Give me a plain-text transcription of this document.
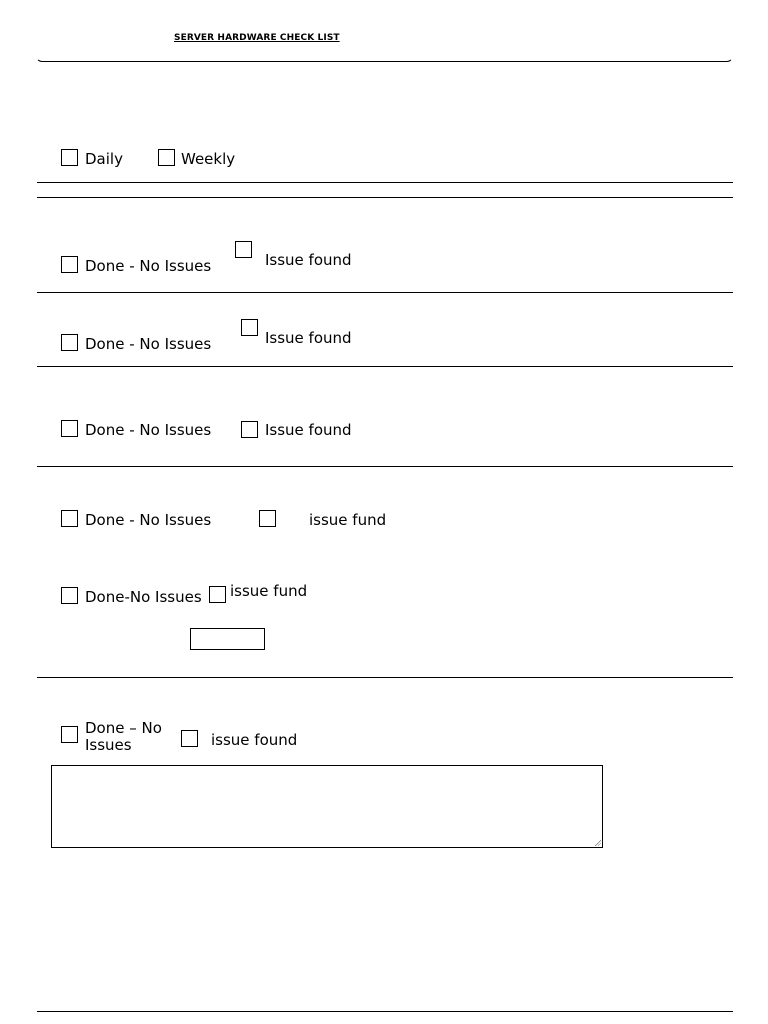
SERVER HARDWARE CHECK LIST
Daily	Weekly
Done - No Issues	Issue found
Done - No Issues	Issue found
Done - No Issues	Issue found
Done - No Issues	issue fund
Done-No Issues issue fund
Done – No Issues	issue found
